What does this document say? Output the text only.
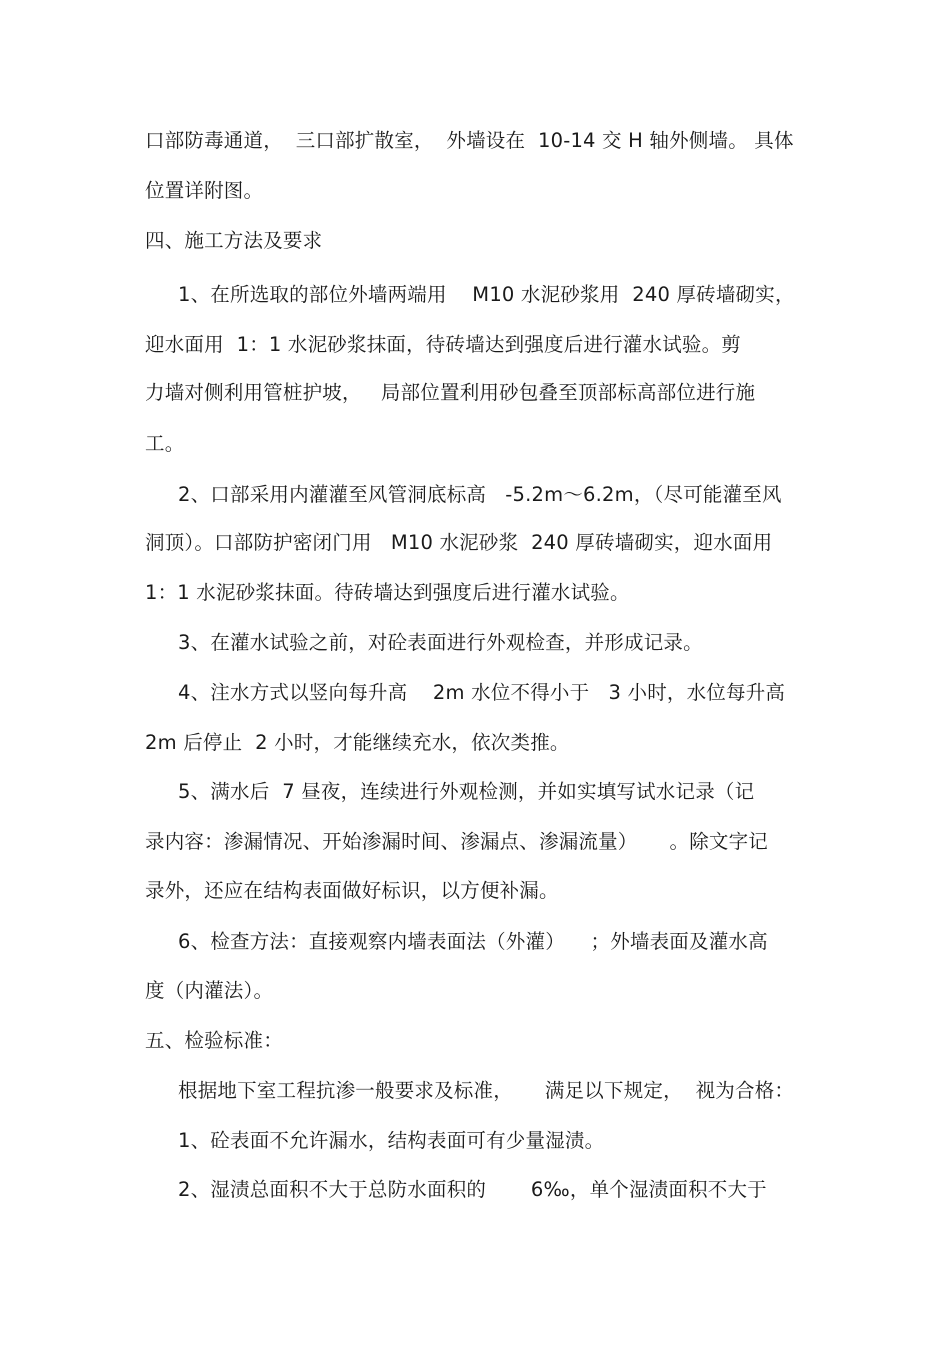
口部防毒通道，  三口部扩散室，  外墙设在  10-14 交 H 轴外侧墙。 具体
位置详附图。
四、施工方法及要求
1、在所选取的部位外墙两端用    M10 水泥砂浆用  240 厚砖墙砌实，
迎水面用  1：1 水泥砂浆抹面，待砖墙达到强度后进行灌水试验。剪
力墙对侧利用管桩护坡，   局部位置利用砂包叠至顶部标高部位进行施
工。
2、口部采用内灌灌至风管洞底标高   -5.2m～6.2m，（尽可能灌至风
洞顶）。口部防护密闭门用   M10 水泥砂浆  240 厚砖墙砌实，迎水面用
1：1 水泥砂浆抹面。待砖墙达到强度后进行灌水试验。
3、在灌水试验之前，对砼表面进行外观检查，并形成记录。
4、注水方式以竖向每升高    2m 水位不得小于   3 小时，水位每升高
2m 后停止  2 小时，才能继续充水，依次类推。
5、满水后  7 昼夜，连续进行外观检测，并如实填写试水记录（记
录内容：渗漏情况、开始渗漏时间、渗漏点、渗漏流量）     。除文字记
录外，还应在结构表面做好标识，以方便补漏。
6、检查方法：直接观察内墙表面法（外灌）    ；外墙表面及灌水高
度（内灌法）。
五、检验标准：
根据地下室工程抗渗一般要求及标准，     满足以下规定，  视为合格：
1、砼表面不允许漏水，结构表面可有少量湿渍。
2、湿渍总面积不大于总防水面积的       6‰，单个湿渍面积不大于
